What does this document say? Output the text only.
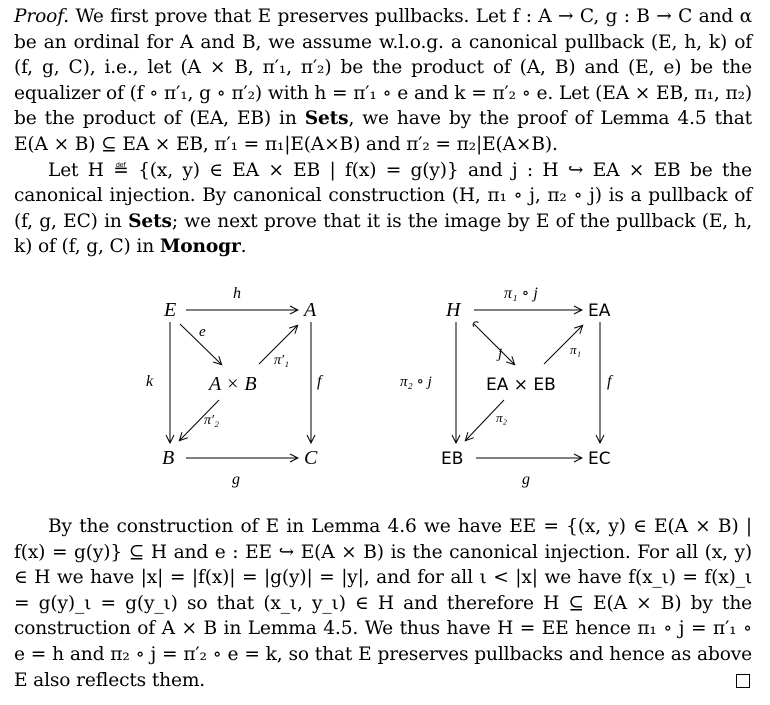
Proof. We first prove that E preserves pullbacks. Let f : A → C, g : B → C and α be an ordinal for A and B, we assume w.l.o.g. a canonical pullback (E, h, k) of (f, g, C), i.e., let (A × B, π′₁, π′₂) be the product of (A, B) and (E, e) be the equalizer of (f ∘ π′₁, g ∘ π′₂) with h = π′₁ ∘ e and k = π′₂ ∘ e. Let (EA × EB, π₁, π₂) be the product of (EA, EB) in Sets, we have by the proof of Lemma 4.5 that E(A × B) ⊆ EA × EB, π′₁ = π₁|E(A×B) and π′₂ = π₂|E(A×B).

Let H ≝ {(x, y) ∈ EA × EB | f(x) = g(y)} and j : H ↪ EA × EB be the canonical injection. By canonical construction (H, π₁ ∘ j, π₂ ∘ j) is a pullback of (f, g, EC) in Sets; we next prove that it is the image by E of the pullback (E, h, k) of (f, g, C) in Monogr.

E	A
B	C
A × B
h
g
k	f
e
π′₁
π′₂
H	EA
EB	EC
EA × EB
π₁ ∘ j
g
π₂ ∘ j	f
j	π₁
π₂

By the construction of E in Lemma 4.6 we have EE = {(x, y) ∈ E(A × B) | f(x) = g(y)} ⊆ H and e : EE ↪ E(A × B) is the canonical injection. For all (x, y) ∈ H we have |x| = |f(x)| = |g(y)| = |y|, and for all ι < |x| we have f(x_ι) = f(x)_ι = g(y)_ι = g(y_ι) so that (x_ι, y_ι) ∈ H and therefore H ⊆ E(A × B) by the construction of A × B in Lemma 4.5. We thus have H = EE hence π₁ ∘ j = π′₁ ∘ e = h and π₂ ∘ j = π′₂ ∘ e = k, so that E preserves pullbacks and hence as above E also reflects them.
